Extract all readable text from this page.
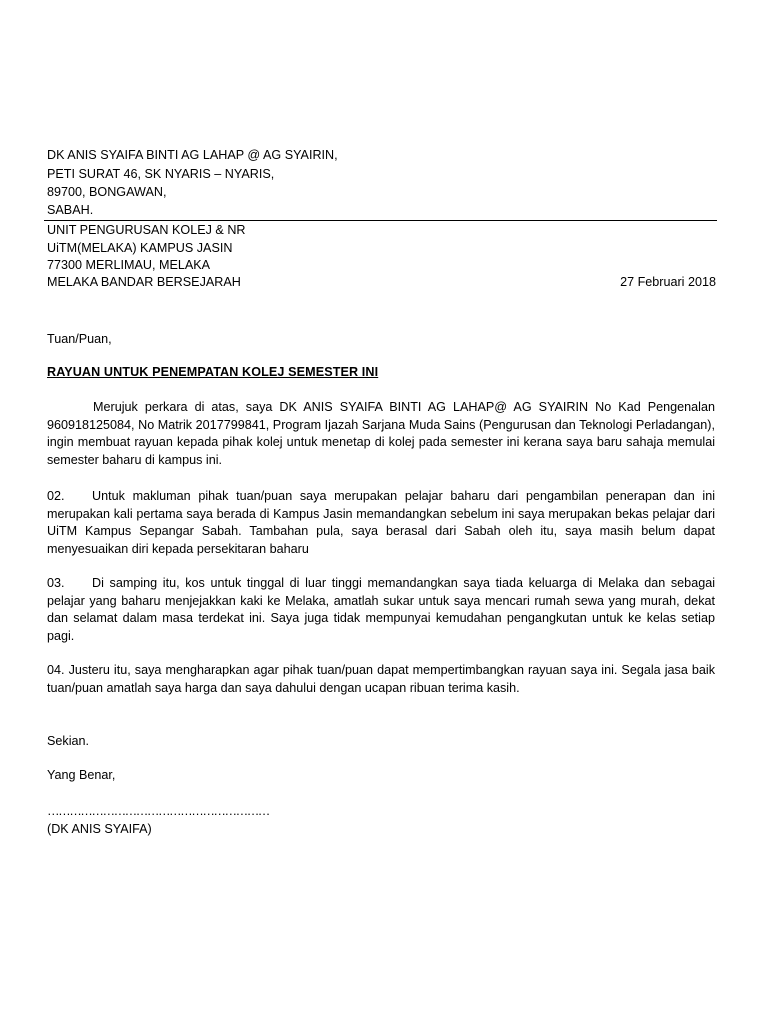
DK ANIS SYAIFA BINTI AG LAHAP @ AG SYAIRIN,
PETI SURAT 46, SK NYARIS – NYARIS,
89700, BONGAWAN,
SABAH.
UNIT PENGURUSAN KOLEJ & NR
UiTM(MELAKA) KAMPUS JASIN
77300 MERLIMAU, MELAKA
MELAKA BANDAR BERSEJARAH	27 Februari 2018
Tuan/Puan,
RAYUAN UNTUK PENEMPATAN KOLEJ SEMESTER INI
Merujuk perkara di atas, saya DK ANIS SYAIFA BINTI AG LAHAP@ AG SYAIRIN No Kad Pengenalan 960918125084, No Matrik 2017799841, Program Ijazah Sarjana Muda Sains (Pengurusan dan Teknologi Perladangan), ingin membuat rayuan kepada pihak kolej untuk menetap di kolej pada semester ini kerana saya baru sahaja memulai semester baharu di kampus ini.
02. Untuk makluman pihak tuan/puan saya merupakan pelajar baharu dari pengambilan penerapan dan ini merupakan kali pertama saya berada di Kampus Jasin memandangkan sebelum ini saya merupakan bekas pelajar dari UiTM Kampus Sepangar Sabah. Tambahan pula, saya berasal dari Sabah oleh itu, saya masih belum dapat menyesuaikan diri kepada persekitaran baharu
03. Di samping itu, kos untuk tinggal di luar tinggi memandangkan saya tiada keluarga di Melaka dan sebagai pelajar yang baharu menjejakkan kaki ke Melaka, amatlah sukar untuk saya mencari rumah sewa yang murah, dekat dan selamat dalam masa terdekat ini. Saya juga tidak mempunyai kemudahan pengangkutan untuk ke kelas setiap pagi.
04. Justeru itu, saya mengharapkan agar pihak tuan/puan dapat mempertimbangkan rayuan saya ini. Segala jasa baik tuan/puan amatlah saya harga dan saya dahului dengan ucapan ribuan terima kasih.
Sekian.
Yang Benar,
……………………………………………………
(DK ANIS SYAIFA)
